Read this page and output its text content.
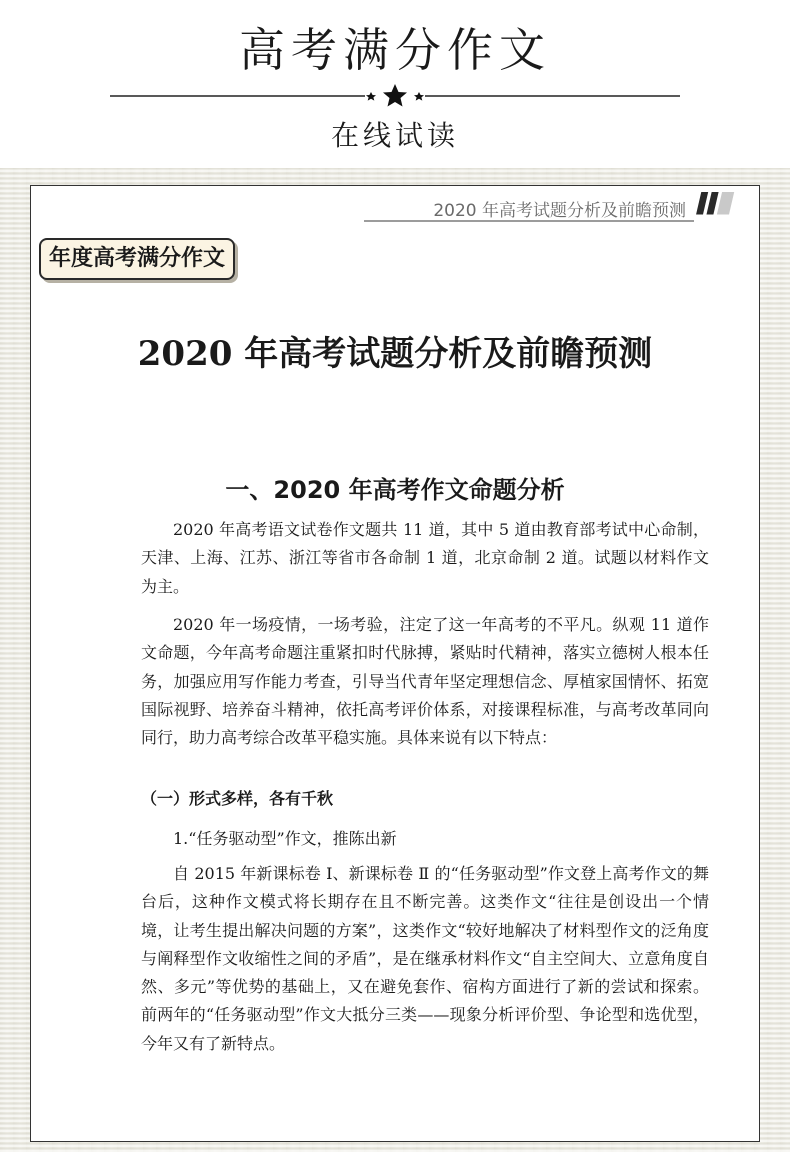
高考满分作文
在线试读
2020 年高考试题分析及前瞻预测
年度高考满分作文
2020 年高考试题分析及前瞻预测
一、2020 年高考作文命题分析
2020 年高考语文试卷作文题共 11 道，其中 5 道由教育部考试中心命制，天津、上海、江苏、浙江等省市各命制 1 道，北京命制 2 道。试题以材料作文为主。
2020 年一场疫情，一场考验，注定了这一年高考的不平凡。纵观 11 道作文命题，今年高考命题注重紧扣时代脉搏，紧贴时代精神，落实立德树人根本任务，加强应用写作能力考查，引导当代青年坚定理想信念、厚植家国情怀、拓宽国际视野、培养奋斗精神，依托高考评价体系，对接课程标准，与高考改革同向同行，助力高考综合改革平稳实施。具体来说有以下特点：
（一）形式多样，各有千秋
1.“任务驱动型”作文，推陈出新
自 2015 年新课标卷 I、新课标卷 Ⅱ 的“任务驱动型”作文登上高考作文的舞台后，这种作文模式将长期存在且不断完善。这类作文“往往是创设出一个情境，让考生提出解决问题的方案”，这类作文“较好地解决了材料型作文的泛角度与阐释型作文收缩性之间的矛盾”，是在继承材料作文“自主空间大、立意角度自然、多元”等优势的基础上，又在避免套作、宿构方面进行了新的尝试和探索。前两年的“任务驱动型”作文大抵分三类——现象分析评价型、争论型和选优型，今年又有了新特点。
